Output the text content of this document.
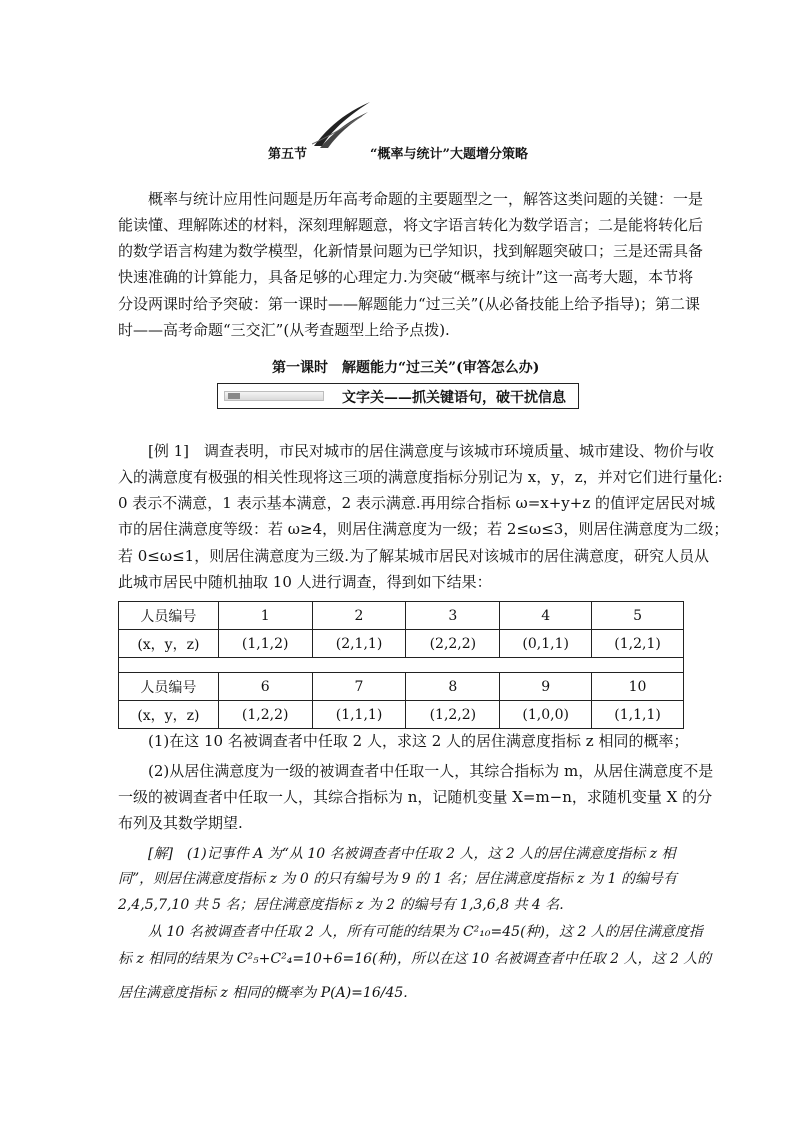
第五节	“概率与统计”大题增分策略
概率与统计应用性问题是历年高考命题的主要题型之一，解答这类问题的关键：一是
能读懂、理解陈述的材料，深刻理解题意，将文字语言转化为数学语言；二是能将转化后
的数学语言构建为数学模型，化新情景问题为已学知识，找到解题突破口；三是还需具备
快速准确的计算能力，具备足够的心理定力.为突破“概率与统计”这一高考大题，本节将
分设两课时给予突破：第一课时——解题能力“过三关”(从必备技能上给予指导)；第二课
时——高考命题“三交汇”(从考查题型上给予点拨).
第一课时　解题能力“过三关”(审答怎么办)
文字关——抓关键语句，破干扰信息
[例 1]　调查表明，市民对城市的居住满意度与该城市环境质量、城市建设、物价与收
入的满意度有极强的相关性现将这三项的满意度指标分别记为 x，y，z，并对它们进行量化:
0 表示不满意，1 表示基本满意，2 表示满意.再用综合指标 ω=x+y+z 的值评定居民对城
市的居住满意度等级：若 ω≥4，则居住满意度为一级；若 2≤ω≤3，则居住满意度为二级；
若 0≤ω≤1，则居住满意度为三级.为了解某城市居民对该城市的居住满意度，研究人员从
此城市居民中随机抽取 10 人进行调查，得到如下结果：
人员编号	1	2	3	4	5
(x，y，z)	(1,1,2)	(2,1,1)	(2,2,2)	(0,1,1)	(1,2,1)

人员编号	6	7	8	9	10
(x，y，z)	(1,2,2)	(1,1,1)	(1,2,2)	(1,0,0)	(1,1,1)
(1)在这 10 名被调查者中任取 2 人，求这 2 人的居住满意度指标 z 相同的概率；
(2)从居住满意度为一级的被调查者中任取一人，其综合指标为 m，从居住满意度不是
一级的被调查者中任取一人，其综合指标为 n，记随机变量 X=m−n，求随机变量 X 的分
布列及其数学期望.
[解]　(1)记事件 A 为“从 10 名被调查者中任取 2 人，这 2 人的居住满意度指标 z 相
同”，则居住满意度指标 z 为 0 的只有编号为 9 的 1 名；居住满意度指标 z 为 1 的编号有
2,4,5,7,10 共 5 名；居住满意度指标 z 为 2 的编号有 1,3,6,8 共 4 名.
从 10 名被调查者中任取 2 人，所有可能的结果为 C²₁₀=45(种)，这 2 人的居住满意度指
标 z 相同的结果为 C²₅+C²₄=10+6=16(种)，所以在这 10 名被调查者中任取 2 人，这 2 人的
居住满意度指标 z 相同的概率为 P(A)=16/45.
